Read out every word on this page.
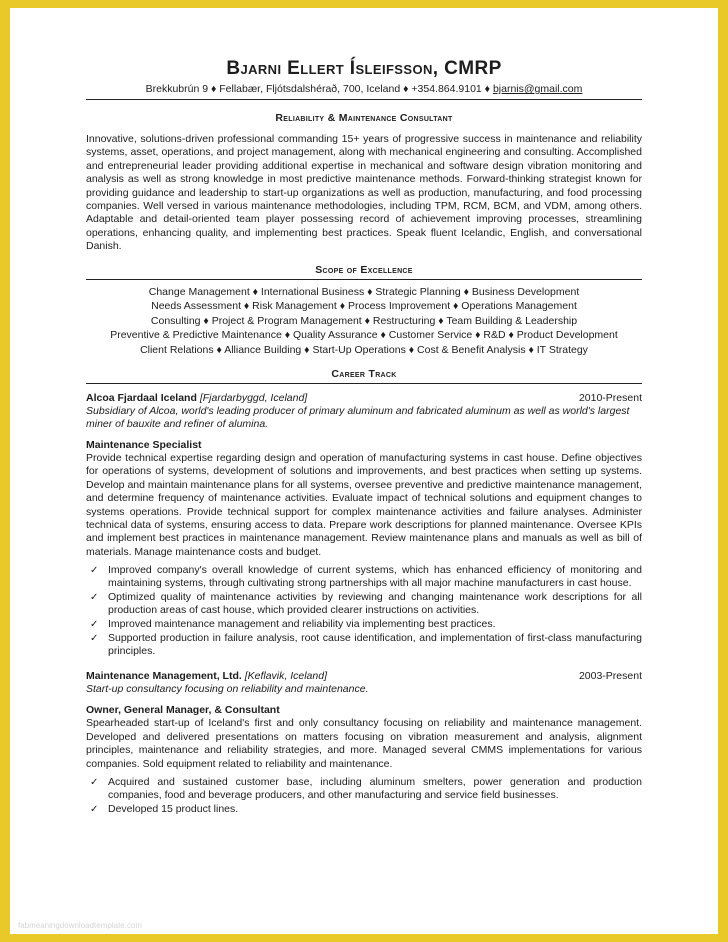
Bjarni Ellert Ísleifsson, CMRP
Brekkubrún 9 ♦ Fellabær, Fljótsdalshérað, 700, Iceland ♦ +354.864.9101 ♦ bjarnis@gmail.com
Reliability & Maintenance Consultant

Innovative, solutions-driven professional commanding 15+ years of progressive success in maintenance and reliability systems, asset, operations, and project management, along with mechanical engineering and consulting. Accomplished and entrepreneurial leader providing additional expertise in mechanical and software design vibration monitoring and analysis as well as strong knowledge in most predictive maintenance methods. Forward-thinking strategist known for providing guidance and leadership to start-up organizations as well as production, manufacturing, and food processing companies. Well versed in various maintenance methodologies, including TPM, RCM, BCM, and VDM, among others. Adaptable and detail-oriented team player possessing record of achievement improving processes, streamlining operations, enhancing quality, and implementing best practices. Speak fluent Icelandic, English, and conversational Danish.

Scope of Excellence
Change Management ♦ International Business ♦ Strategic Planning ♦ Business Development
Needs Assessment ♦ Risk Management ♦ Process Improvement ♦ Operations Management
Consulting ♦ Project & Program Management ♦ Restructuring ♦ Team Building & Leadership
Preventive & Predictive Maintenance ♦ Quality Assurance ♦ Customer Service ♦ R&D ♦ Product Development
Client Relations ♦ Alliance Building ♦ Start-Up Operations ♦ Cost & Benefit Analysis ♦ IT Strategy
Career Track
Alcoa Fjardaal Iceland [Fjardarbyggd, Iceland]	2010-Present
Subsidiary of Alcoa, world's leading producer of primary aluminum and fabricated aluminum as well as world's largest miner of bauxite and refiner of alumina.
Maintenance Specialist
Provide technical expertise regarding design and operation of manufacturing systems in cast house. Define objectives for operations of systems, development of solutions and improvements, and best practices when setting up systems. Develop and maintain maintenance plans for all systems, oversee preventive and predictive maintenance management, and determine frequency of maintenance activities. Evaluate impact of technical solutions and equipment changes to systems operations. Provide technical support for complex maintenance activities and failure analyses. Administer technical data of systems, ensuring access to data. Prepare work descriptions for planned maintenance. Oversee KPIs and implement best practices in maintenance management. Review maintenance plans and manuals as well as bill of materials. Manage maintenance costs and budget.
✓ Improved company's overall knowledge of current systems, which has enhanced efficiency of monitoring and maintaining systems, through cultivating strong partnerships with all major machine manufacturers in cast house.
✓ Optimized quality of maintenance activities by reviewing and changing maintenance work descriptions for all production areas of cast house, which provided clearer instructions on activities.
✓ Improved maintenance management and reliability via implementing best practices.
✓ Supported production in failure analysis, root cause identification, and implementation of first-class manufacturing principles.
Maintenance Management, Ltd. [Keflavik, Iceland]	2003-Present
Start-up consultancy focusing on reliability and maintenance.
Owner, General Manager, & Consultant
Spearheaded start-up of Iceland's first and only consultancy focusing on reliability and maintenance management. Developed and delivered presentations on matters focusing on vibration measurement and analysis, alignment principles, maintenance and reliability strategies, and more. Managed several CMMS implementations for various companies. Sold equipment related to reliability and maintenance.
✓ Acquired and sustained customer base, including aluminum smelters, power generation and production companies, food and beverage producers, and other manufacturing and service field businesses.
✓ Developed 15 product lines.
fabmeaningdownloadtemplate.com
